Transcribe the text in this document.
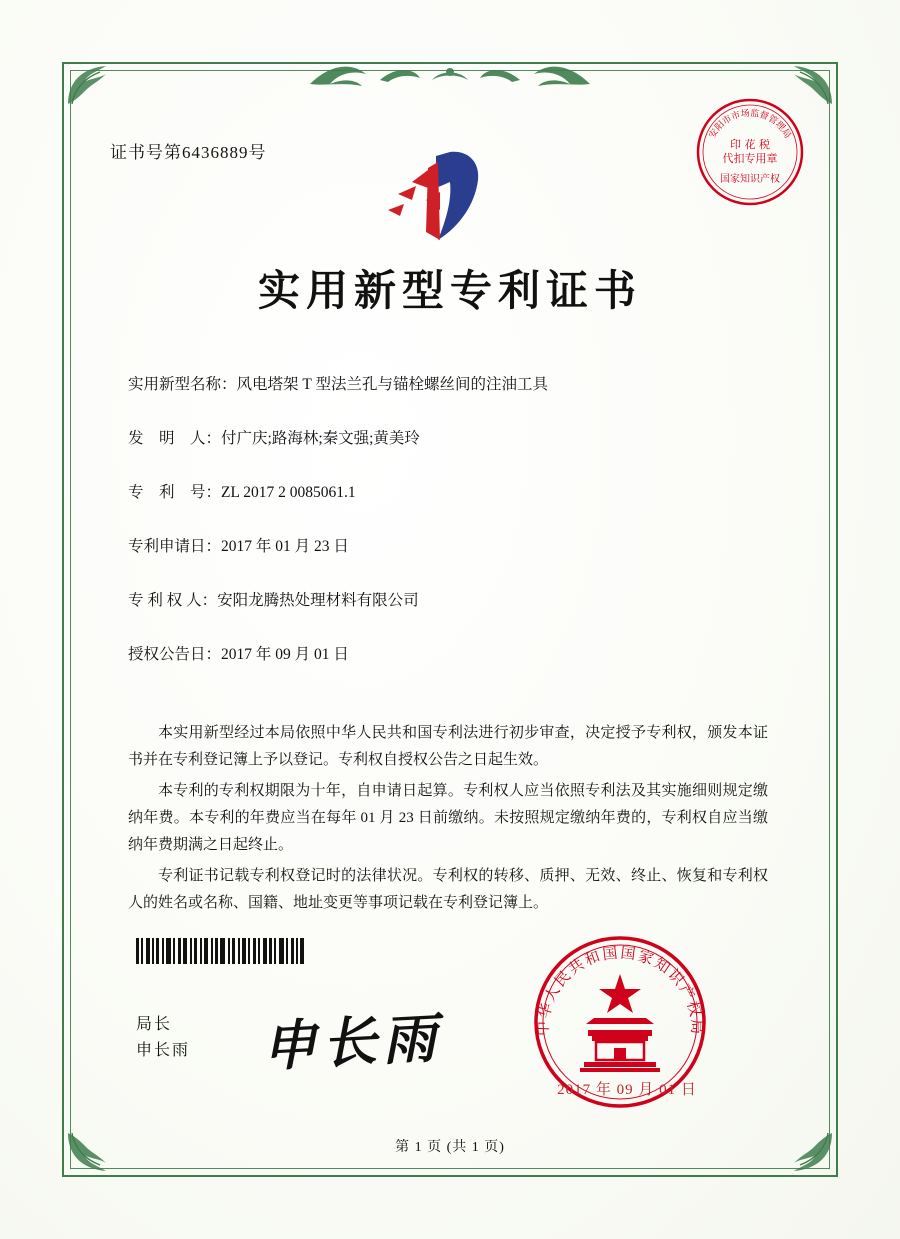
证书号第6436889号
安阳市市场监督管理局
印 花 税
代扣专用章
国家知识产权
实用新型专利证书
实用新型名称：风电塔架 T 型法兰孔与锚栓螺丝间的注油工具
发　明　人：付广庆;路海林;秦文强;黄美玲
专　利　号：ZL 2017 2 0085061.1
专利申请日：2017 年 01 月 23 日
专 利 权 人：安阳龙腾热处理材料有限公司
授权公告日：2017 年 09 月 01 日

本实用新型经过本局依照中华人民共和国专利法进行初步审查，决定授予专利权，颁发本证书并在专利登记簿上予以登记。专利权自授权公告之日起生效。

本专利的专利权期限为十年，自申请日起算。专利权人应当依照专利法及其实施细则规定缴纳年费。本专利的年费应当在每年 01 月 23 日前缴纳。未按照规定缴纳年费的，专利权自应当缴纳年费期满之日起终止。

专利证书记载专利权登记时的法律状况。专利权的转移、质押、无效、终止、恢复和专利权人的姓名或名称、国籍、地址变更等事项记载在专利登记簿上。

局长
申长雨 申长雨	中华人民共和国国家知识产权局
2017 年 09 月 01 日
第 1 页 (共 1 页)
